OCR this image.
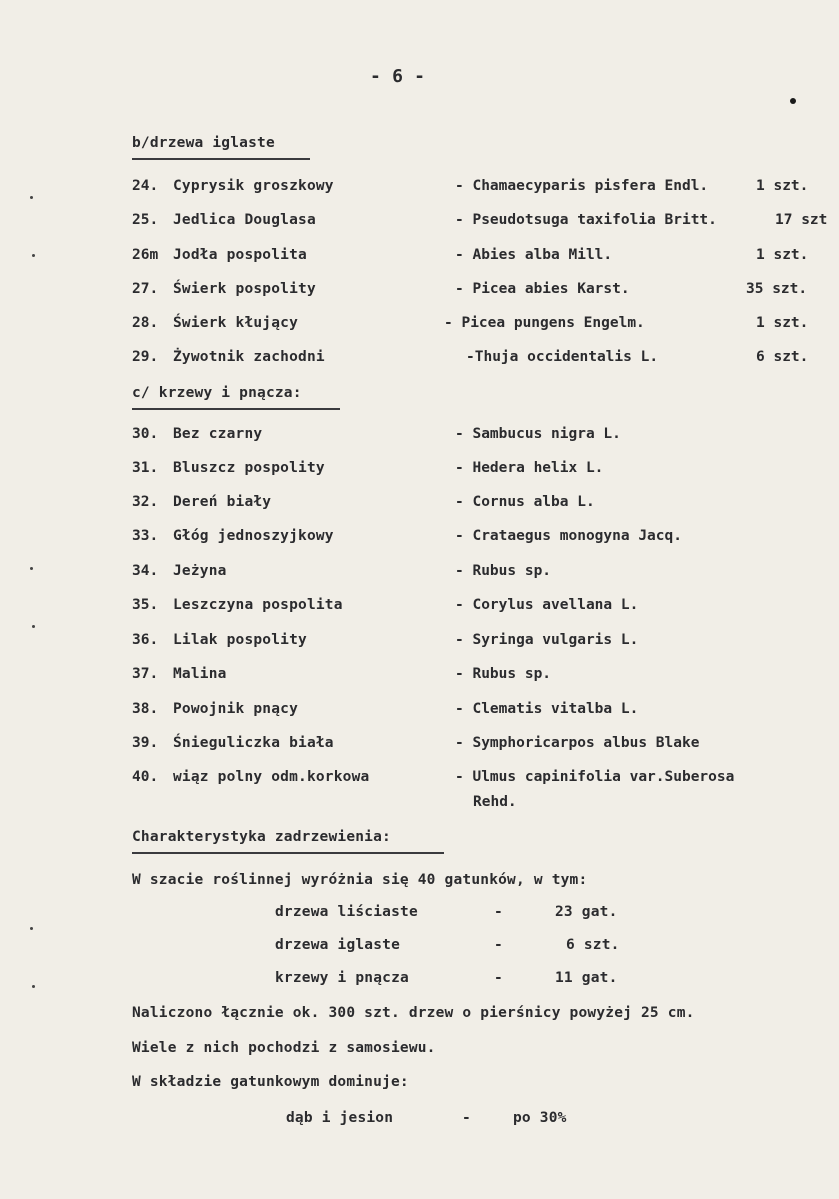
- 6 -
b/drzewa iglaste
24. Cyprysik groszkowy	- Chamaecyparis pisfera Endl.	1 szt.
25. Jedlica Douglasa	- Pseudotsuga taxifolia Britt.	17 szt
26m Jodła pospolita	- Abies alba Mill.	1 szt.
27. Świerk pospolity	- Picea abies Karst.	35 szt.
28. Świerk kłujący	- Picea pungens Engelm.	1 szt.
29. Żywotnik zachodni	-Thuja occidentalis L.	6 szt.
c/ krzewy i pnącza:
30. Bez czarny	- Sambucus nigra L.
31. Bluszcz pospolity	- Hedera helix L.
32. Dereń biały	- Cornus alba L.
33. Głóg jednoszyjkowy	- Crataegus monogyna Jacq.
34. Jeżyna	- Rubus sp.
35. Leszczyna pospolita	- Corylus avellana L.
36. Lilak pospolity	- Syringa vulgaris L.
37. Malina	- Rubus sp.
38. Powojnik pnący	- Clematis vitalba L.
39. Śnieguliczka biała	- Symphoricarpos albus Blake
40. wiąz polny odm.korkowa	- Ulmus capinifolia var.Suberosa
Rehd.
Charakterystyka zadrzewienia:
W szacie roślinnej wyróżnia się 40 gatunków, w tym:
drzewa liściaste	-	23 gat.
drzewa iglaste	-	6 szt.
krzewy i pnącza	-	11 gat.
Naliczono łącznie ok. 300 szt. drzew o pierśnicy powyżej 25 cm.
Wiele z nich pochodzi z samosiewu.
W składzie gatunkowym dominuje:
dąb i jesion	-	po 30%
